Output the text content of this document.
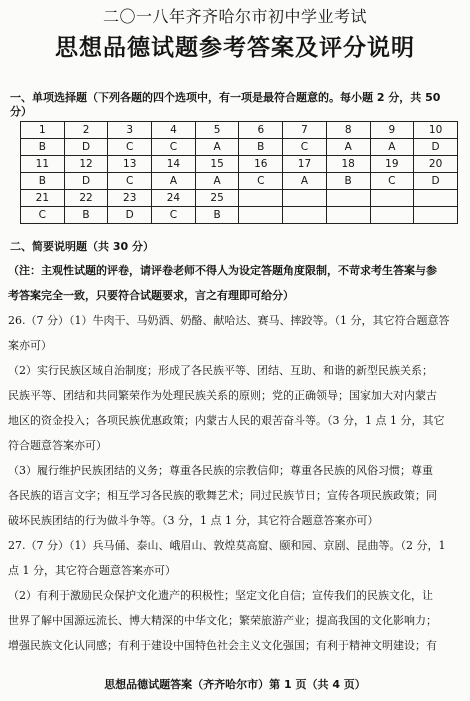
二〇一八年齐齐哈尔市初中学业考试
思想品德试题参考答案及评分说明
一、单项选择题（下列各题的四个选项中，有一项是最符合题意的。每小题 2 分，共 50
分）
1	2	3	4	5	6	7	8	9	10
B	D	C	C	A	B	C	A	A	D
11	12	13	14	15	16	17	18	19	20
B	D	C	A	A	C	A	B	C	D
21	22	23	24	25					
C	B	D	C	B					
二、简要说明题（共 30 分）
（注：主观性试题的评卷，请评卷老师不得人为设定答题角度限制，不苛求考生答案与参
考答案完全一致，只要符合试题要求，言之有理即可给分）
26.（7 分）（1）牛肉干、马奶酒、奶酪、献哈达、赛马、摔跤等。（1 分，其它符合题意答
案亦可）
（2）实行民族区域自治制度；形成了各民族平等、团结、互助、和谐的新型民族关系；
民族平等、团结和共同繁荣作为处理民族关系的原则；党的正确领导；国家加大对内蒙古
地区的资金投入；各项民族优惠政策；内蒙古人民的艰苦奋斗等。（3 分，1 点 1 分，其它
符合题意答案亦可）
（3）履行维护民族团结的义务；尊重各民族的宗教信仰；尊重各民族的风俗习惯；尊重
各民族的语言文字；相互学习各民族的歌舞艺术；同过民族节日；宣传各项民族政策；同
破坏民族团结的行为做斗争等。（3 分，1 点 1 分，其它符合题意答案亦可）
27.（7 分）（1）兵马俑、泰山、峨眉山、敦煌莫高窟、颐和园、京剧、昆曲等。（2 分，1
点 1 分，其它符合题意答案亦可）
（2）有利于激励民众保护文化遗产的积极性；坚定文化自信；宣传我们的民族文化，让
世界了解中国源远流长、博大精深的中华文化；繁荣旅游产业；提高我国的文化影响力；
增强民族文化认同感；有利于建设中国特色社会主义文化强国；有利于精神文明建设；有
思想品德试题答案（齐齐哈尔市）第 1 页（共 4 页）
